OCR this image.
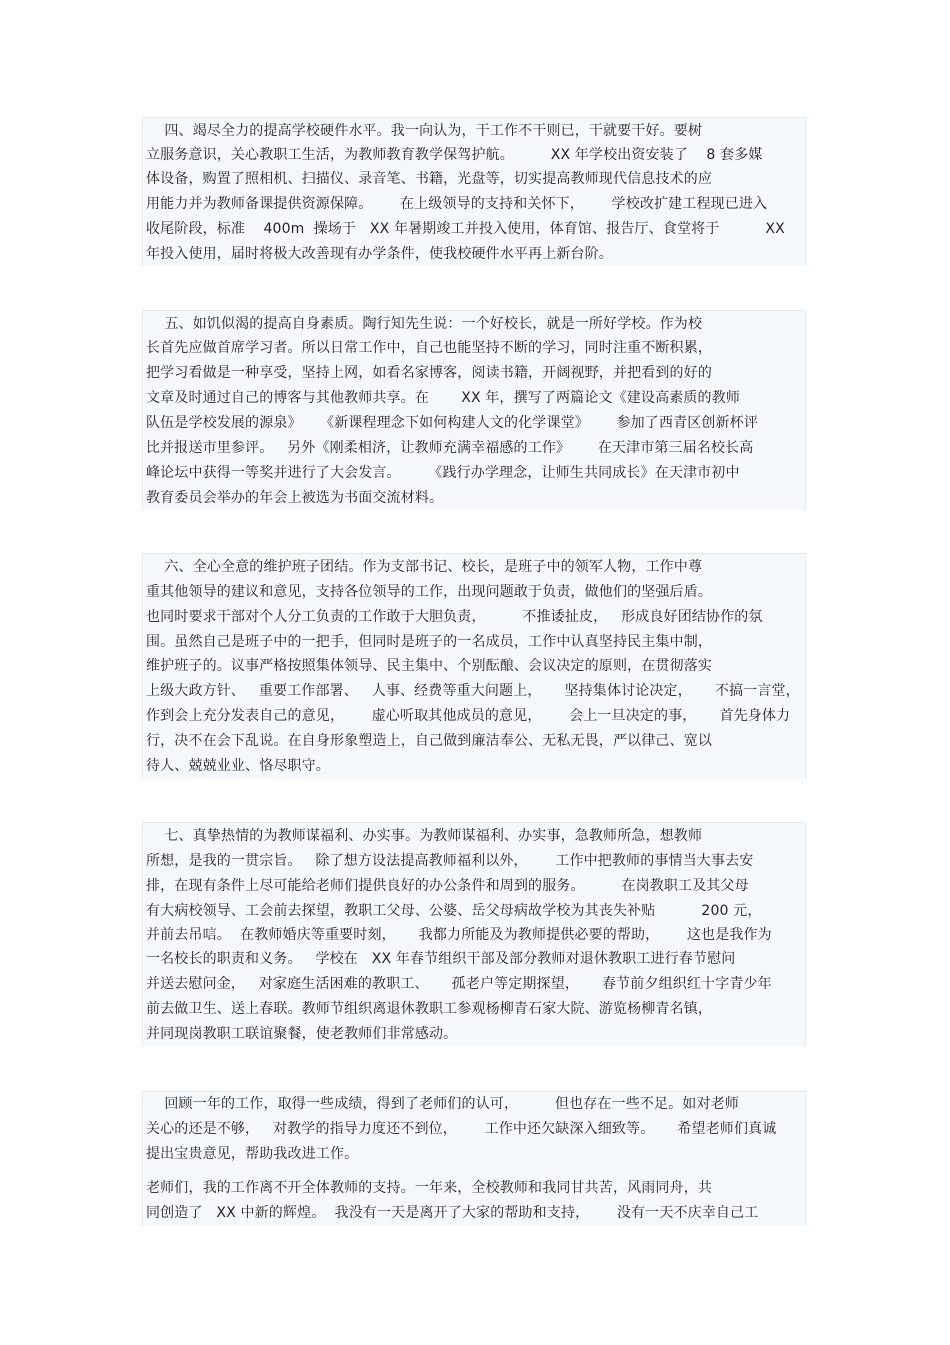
四、竭尽全力的提高学校硬件水平。我一向认为，干工作不干则已，干就要干好。要树
立服务意识，关心教职工生活，为教师教育教学保驾护航。        XX 年学校出资安装了    8 套多媒
体设备，购置了照相机、扫描仪、录音笔、书籍，光盘等，切实提高教师现代信息技术的应
用能力并为教师备课提供资源保障。      在上级领导的支持和关怀下，      学校改扩建工程现已进入
收尾阶段，标准    400m  操场于   XX 年暑期竣工并投入使用，体育馆、报告厅、食堂将于          XX
年投入使用，届时将极大改善现有办学条件，使我校硬件水平再上新台阶。
五、如饥似渴的提高自身素质。陶行知先生说：一个好校长，就是一所好学校。作为校
长首先应做首席学习者。所以日常工作中，自己也能坚持不断的学习，同时注重不断积累，
把学习看做是一种享受，坚持上网，如看名家博客，阅读书籍，开阔视野，并把看到的好的
文章及时通过自己的博客与其他教师共享。在       XX 年，撰写了两篇论文《建设高素质的教师
队伍是学校发展的源泉》    《新课程理念下如何构建人文的化学课堂》      参加了西青区创新杯评
比并报送市里参评。   另外《刚柔相济，让教师充满幸福感的工作》      在天津市第三届名校长高
峰论坛中获得一等奖并进行了大会发言。      《践行办学理念，让师生共同成长》在天津市初中
教育委员会举办的年会上被选为书面交流材料。
六、全心全意的维护班子团结。作为支部书记、校长，是班子中的领军人物，工作中尊
重其他领导的建议和意见，支持各位领导的工作，出现问题敢于负责，做他们的坚强后盾。
也同时要求干部对个人分工负责的工作敢于大胆负责，        不推诿扯皮，   形成良好团结协作的氛
围。虽然自己是班子中的一把手，但同时是班子的一名成员，工作中认真坚持民主集中制，
维护班子的。议事严格按照集体领导、民主集中、个别酝酿、会议决定的原则，在贯彻落实
上级大政方针、   重要工作部署、   人事、经费等重大问题上，     坚持集体讨论决定，     不搞一言堂，
作到会上充分发表自己的意见，      虚心听取其他成员的意见，      会上一旦决定的事，     首先身体力
行，决不在会下乱说。在自身形象塑造上，自己做到廉洁奉公、无私无畏，严以律己、宽以
待人、兢兢业业、恪尽职守。
七、真挚热情的为教师谋福利、办实事。为教师谋福利、办实事，急教师所急，想教师
所想，是我的一贯宗旨。   除了想方设法提高教师福利以外，      工作中把教师的事情当大事去安
排，在现有条件上尽可能给老师们提供良好的办公条件和周到的服务。        在岗教职工及其父母
有大病校领导、工会前去探望，教职工父母、公婆、岳父母病故学校为其丧失补贴          200 元，
并前去吊唁。  在教师婚庆等重要时刻，     我都力所能及为教师提供必要的帮助，      这也是我作为
一名校长的职责和义务。   学校在   XX 年春节组织干部及部分教师对退休教职工进行春节慰问
并送去慰问金，   对家庭生活困难的教职工、     孤老户等定期探望，     春节前夕组织红十字青少年
前去做卫生、送上春联。教师节组织离退休教职工参观杨柳青石家大院、游览杨柳青名镇，
并同现岗教职工联谊聚餐，使老教师们非常感动。
回顾一年的工作，取得一些成绩，得到了老师们的认可，        但也存在一些不足。如对老师
关心的还是不够，   对教学的指导力度还不到位，      工作中还欠缺深入细致等。     希望老师们真诚
提出宝贵意见，帮助我改进工作。
老师们，我的工作离不开全体教师的支持。一年来，全校教师和我同甘共苦，风雨同舟，共
同创造了   XX 中新的辉煌。  我没有一天是离开了大家的帮助和支持，      没有一天不庆幸自己工
